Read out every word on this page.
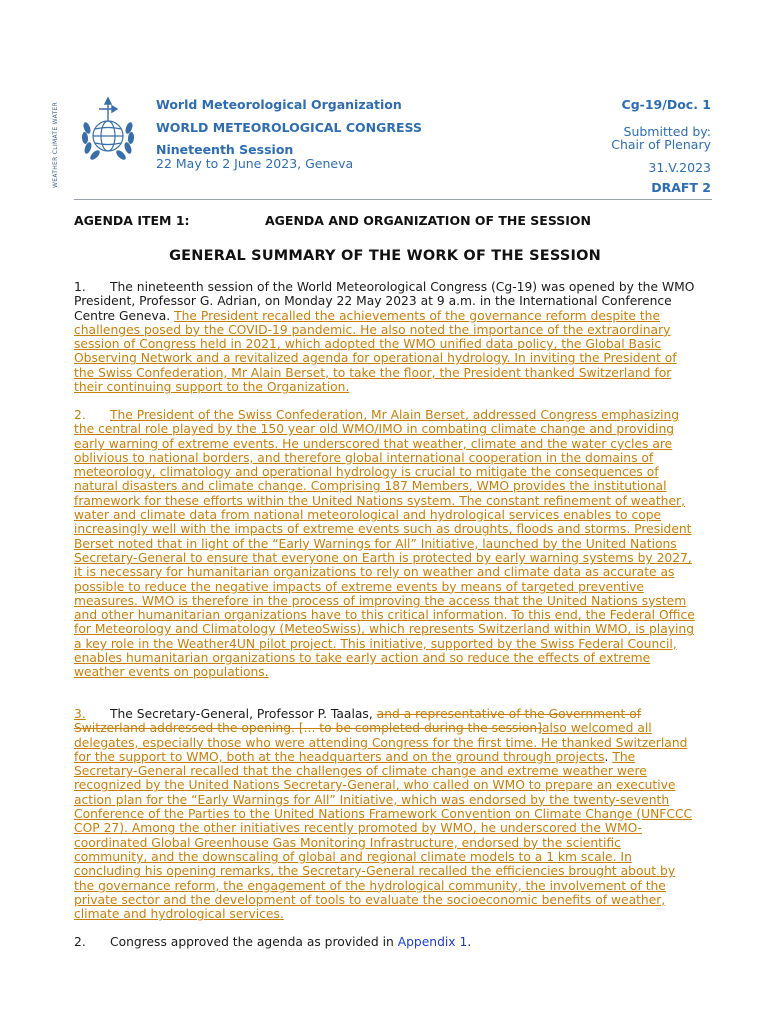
WEATHER CLIMATE WATER	World Meteorological Organization
WORLD METEOROLOGICAL CONGRESS
Nineteenth Session
22 May to 2 June 2023, Geneva
Cg-19/Doc. 1
Submitted by:
Chair of Plenary
31.V.2023
DRAFT 2
AGENDA ITEM 1:	AGENDA AND ORGANIZATION OF THE SESSION
GENERAL SUMMARY OF THE WORK OF THE SESSION
1. The nineteenth session of the World Meteorological Congress (Cg-19) was opened by the WMO President, Professor G. Adrian, on Monday 22 May 2023 at 9 a.m. in the International Conference Centre Geneva. The President recalled the achievements of the governance reform despite the challenges posed by the COVID-19 pandemic. He also noted the importance of the extraordinary session of Congress held in 2021, which adopted the WMO unified data policy, the Global Basic Observing Network and a revitalized agenda for operational hydrology. In inviting the President of the Swiss Confederation, Mr Alain Berset, to take the floor, the President thanked Switzerland for their continuing support to the Organization.
2. The President of the Swiss Confederation, Mr Alain Berset, addressed Congress emphasizing the central role played by the 150 year old WMO/IMO in combating climate change and providing early warning of extreme events. He underscored that weather, climate and the water cycles are oblivious to national borders, and therefore global international cooperation in the domains of meteorology, climatology and operational hydrology is crucial to mitigate the consequences of natural disasters and climate change. Comprising 187 Members, WMO provides the institutional framework for these efforts within the United Nations system. The constant refinement of weather, water and climate data from national meteorological and hydrological services enables to cope increasingly well with the impacts of extreme events such as droughts, floods and storms. President Berset noted that in light of the “Early Warnings for All” Initiative, launched by the United Nations Secretary-General to ensure that everyone on Earth is protected by early warning systems by 2027, it is necessary for humanitarian organizations to rely on weather and climate data as accurate as possible to reduce the negative impacts of extreme events by means of targeted preventive measures. WMO is therefore in the process of improving the access that the United Nations system and other humanitarian organizations have to this critical information. To this end, the Federal Office for Meteorology and Climatology (MeteoSwiss), which represents Switzerland within WMO, is playing a key role in the Weather4UN pilot project. This initiative, supported by the Swiss Federal Council, enables humanitarian organizations to take early action and so reduce the effects of extreme weather events on populations.
3. The Secretary-General, Professor P. Taalas, and a representative of the Government of Switzerland addressed the opening. [... to be completed during the session]also welcomed all delegates, especially those who were attending Congress for the first time. He thanked Switzerland for the support to WMO, both at the headquarters and on the ground through projects. The Secretary-General recalled that the challenges of climate change and extreme weather were recognized by the United Nations Secretary-General, who called on WMO to prepare an executive action plan for the “Early Warnings for All” Initiative, which was endorsed by the twenty-seventh Conference of the Parties to the United Nations Framework Convention on Climate Change (UNFCCC COP 27). Among the other initiatives recently promoted by WMO, he underscored the WMO-coordinated Global Greenhouse Gas Monitoring Infrastructure, endorsed by the scientific community, and the downscaling of global and regional climate models to a 1 km scale. In concluding his opening remarks, the Secretary-General recalled the efficiencies brought about by the governance reform, the engagement of the hydrological community, the involvement of the private sector and the development of tools to evaluate the socioeconomic benefits of weather, climate and hydrological services.
2. Congress approved the agenda as provided in Appendix 1.
